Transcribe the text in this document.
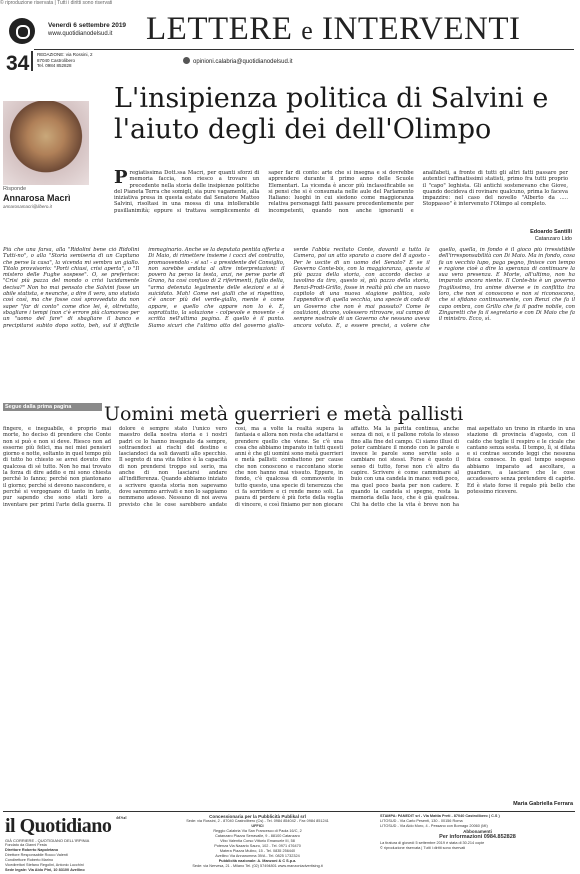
© riproduzione riservata | Tutti i diritti sono riservati
Venerdì 6 settembre 2019
www.quotidianodelsud.it LETTERE e INTERVENTI
34 REDAZIONE: via Rossini, 2
87040 Castrolibero
Tel. 0984 852828
opinioni.calabria@quotidianodelsud.it
L'insipienza politica di Salvini e l'aiuto degli dei dell'Olimpo
Risponde
Annarosa Macrì
annarosamacri@libero.it
Pregiatissima Dott.ssa Macrì, per quanti sforzi di memoria faccia, non riesco a trovare un precedente nella storia delle insipienze politiche del Pianeta Terra che somigli, sia pure vagamente, alla iniziativa presa in questa estate dal Senatore Matteo Salvini, risoltasi in una mossa di una intollerabile pusillanimità; eppure si trattava semplicemente di saper far di conto: arte che si insegna e si dovrebbe apprendere durante il primo anno delle Scuole Elementari. La vicenda è ancor più inclassificabile se si pensi che si è consumata nelle aule del Parlamento Italiano: luoghi in cui siedono come maggioranza relativa personaggi fatti passare precedentemente per incompetenti, quando non anche ignoranti e analfabeti, a fronte di tutti gli altri fatti passare per autentici raffinatissimi statisti, primo fra tutti proprio il "capo" leghista. Gli antichi sostenevano che Giove, quando decideva di rovinare qualcuno, prima lo faceva impazzire: nel caso del novello "Alberto da ..... Stoppasso" è intervenuto l'Olimpo al completo.
Edoardo Santilli
Catanzaro Lido
Più che una farsa, alla "Ridolini bene ciò Ridolini Tutti-no", o alla "Storia semiseria di un Capitano che perse la casa", la vicenda mi sembra un giallo. Titolo provvisorio: "Porti chiusi, crisi aperta", o "Il mistero delle Fughe sospese". O, se preferisce: "Crisi più pazza del mondo o crisi lucidamente decisa?" Non ho mai pensato che Salvini fosse un abile statista, e neanche, a dire il vero, uno statista così così, ma che fosse così sprovveduto da non saper "far di conto" come dice lei, è, oltretutto, sbagliare i tempi (non c'è errore più clamoroso per un "uomo del fare" di sbagliare il banco e precipitarsi subito dopo sotto, beh, sul il difficile immaginario. Anche se la deputata pentita offerta a Di Maio, di rimettere insieme i cocci del contratto, promuovendolo - si sa! - a presidente del Consiglio, non sarebbe andata al altre interpretazioni: il povero ha perso la testa, anzi, ne perse parte di Grano, ha così confuso di 2 riferimenti, figlio della, "arma detenuta legalmente delle elezioni e si è suicidato. Mah! Come nei gialli che si rispettino, c'è ancor più del verde-giallo, mente è come appare, e quello che appare non lo è. E, soprattutto, la soluzione - colpevole e movente - è scritta nell'ultima pagina. E quello è il punto. Siamo sicuri che l'ultimo atto del governo giallo-verde l'abbia recitato Conte, davanti a tutta la Camera, poi un atto sparato a cuore del 8 agosto - Per le uscite di un uomo del Senato? E se il Governo Conte-bis, con la maggioranza, questa si più pazza della storia, con accordo deciso a tavolino da tiro, questo sì, più pazzo della storia, Renzi-Prodi-Grillo, fosse in realtà più che un nuovo capitolo di una nuova stagione politica, solo l'appendice di quella vecchia, una specie di coda di un Governo che non è mai passato? Come le coalizioni, dicono, volessero ritrovare, sul campo di sempre nostrale di un Governo che nessuno aveva ancora voluto. E, a essere precisi, a volere che quello, quella, in fondo è il gioco più irresistibile dell'irresponsabilità con Di Maio. Ma in fondo, cosa fa un vecchio lupo, paga pegno, finisce con tempo e ragione cioè a dire la speranza di continuare la sua vera presenza. E Morte, all'ultimo, non ha imparato ancora niente. Il Conte-bis è un governo fragilissimo, tra anime diverse e in conflitto tra loro, che non si conoscono e non si riconoscono, che si sfidano continuamente, con Renzi che fa il capo ombra, con Grillo che fa il padre nobile, con Zingaretti che fa il segretario e con Di Maio che fa il ministro. Ecco, sì.
Segue dalla prima pagina	Uomini metà guerrieri e metà pallisti
fingere, e ineguabile, è proprio mai morte, ho deciso di prendere che Conte non si può e non si deve. Riesco non ad esserne più felici, ma nei miei pensieri giorno e notte, soltanto in quel tempo più di tutto ho chiesto se avrei dovuto dire qualcosa di sé tutto. Non ho mai trovato la forza di dire addio e mi sono chiesta perché lo fanno; perché non piantonano il giorno; perché si devono nascondere, e perché si vergognano di tanto in tanto, pur sapendo che sono stati loro a inventare per primi l'arte della guerra. Il dolore è sempre stato l'unico vero maestro della nostra storia e i nostri padri ce lo hanno insegnato da sempre, sottraendoci ai rischi del destino e lasciandoci da soli davanti allo specchio. Il segreto di una vita felice è la capacità di non prendersi troppo sul serio, ma anche di non lasciarsi andare all'indifferenza. Quando abbiamo iniziato a scrivere questa storia non sapevamo dove saremmo arrivati e non lo sappiamo nemmeno adesso. Nessuno di noi aveva previsto che le cose sarebbero andate così, ma a volte la realtà supera la fantasia e allora non resta che adattarsi e prendere quello che viene. Se c'è una cosa che abbiamo imparato in tutti questi anni è che gli uomini sono metà guerrieri e metà pallisti: combattono per cause che non conoscono e raccontano storie che non hanno mai vissuto. Eppure, in fondo, c'è qualcosa di commovente in tutto questo, una specie di tenerezza che ci fa sorridere e ci rende meno soli. La paura di perdere è più forte della voglia di vincere, e così finiamo per non giocare affatto. Ma la partita continua, anche senza di noi, e il pallone rotola lo stesso fino alla fine del campo. Ci siamo illusi di poter cambiare il mondo con le parole e invece le parole sono servite solo a cambiare noi stessi. Forse è questo il senso di tutto, forse non c'è altro da capire. Scrivere è come camminare al buio con una candela in mano: vedi poco, ma quel poco basta per non cadere. E quando la candela si spegne, resta la memoria della luce, che è già qualcosa. Chi ha detto che la vita è breve non ha mai aspettato un treno in ritardo in una stazione di provincia d'agosto, con il caldo che toglie il respiro e le cicale che cantano senza sosta. Il tempo, lì, si dilata e si contrae secondo leggi che nessuna fisica conosce. In quel tempo sospeso abbiamo imparato ad ascoltare, a guardare, a lasciare che le cose accadessero senza pretendere di capirle. Ed è stato forse il regalo più bello che potessimo ricevere.
Maria Gabriella Ferrara
il Quotidiano $^{del Sud}$
GIÀ CORRIERE - QUOTIDIANO DELL'IRPINIA
Fondato da Gianni Festa
Direttore Roberto Napoletano
Direttore Responsabile Rocco Valenti
Condirettore Roberto Marino
Vicedirettori Stefano Regolini, Antonio Lucchini
Sede legale: Via Aldo Pini, 10 83100 Avellino
Concessionaria per la Pubblicità Publikal srl
Sede: via Rossini, 2 - 87040 Castrolibero (Cs) - Tel. 0984 854042 - Fax 0984 851241
UFFICI
Reggio Calabria Via San Francesco di Paola 16/C, 2
Catanzaro Piazza Serravalle, 9 - 88100 Catanzaro
Vibo Valentia Corso Vittorio Emanuele III, 58
Potenza Via Nazario Sauro, 102 - Tel. 0971 476470
Matera Piazza Mulino, 15 - Tel. 0835 256440
Avellino Via Annarumma 39/A - Tel. 0825 1732324
Pubblicità nazionale: A. Manzoni & C S.p.a.
Sede: via Nervesa, 21 - Milano Tel. (02) 57494801 www.manzoniadvertising.it
STAMPA: PANEDIT srl - Via Mattia Preti - 87040 Castrolibero ( C.S )
LITOSUD - Via Carlo Pesenti, 130 - 00156 Roma
LITOSUD - Via Aldo Moro, 4 - Pessano con Bornago 20060 (MI)
Abbonamenti
Per informazioni 0984.852828
La tiratura di giovedì 5 settembre 2019 è stata di 30.214 copie
© riproduzione riservata | Tutti i diritti sono riservati
